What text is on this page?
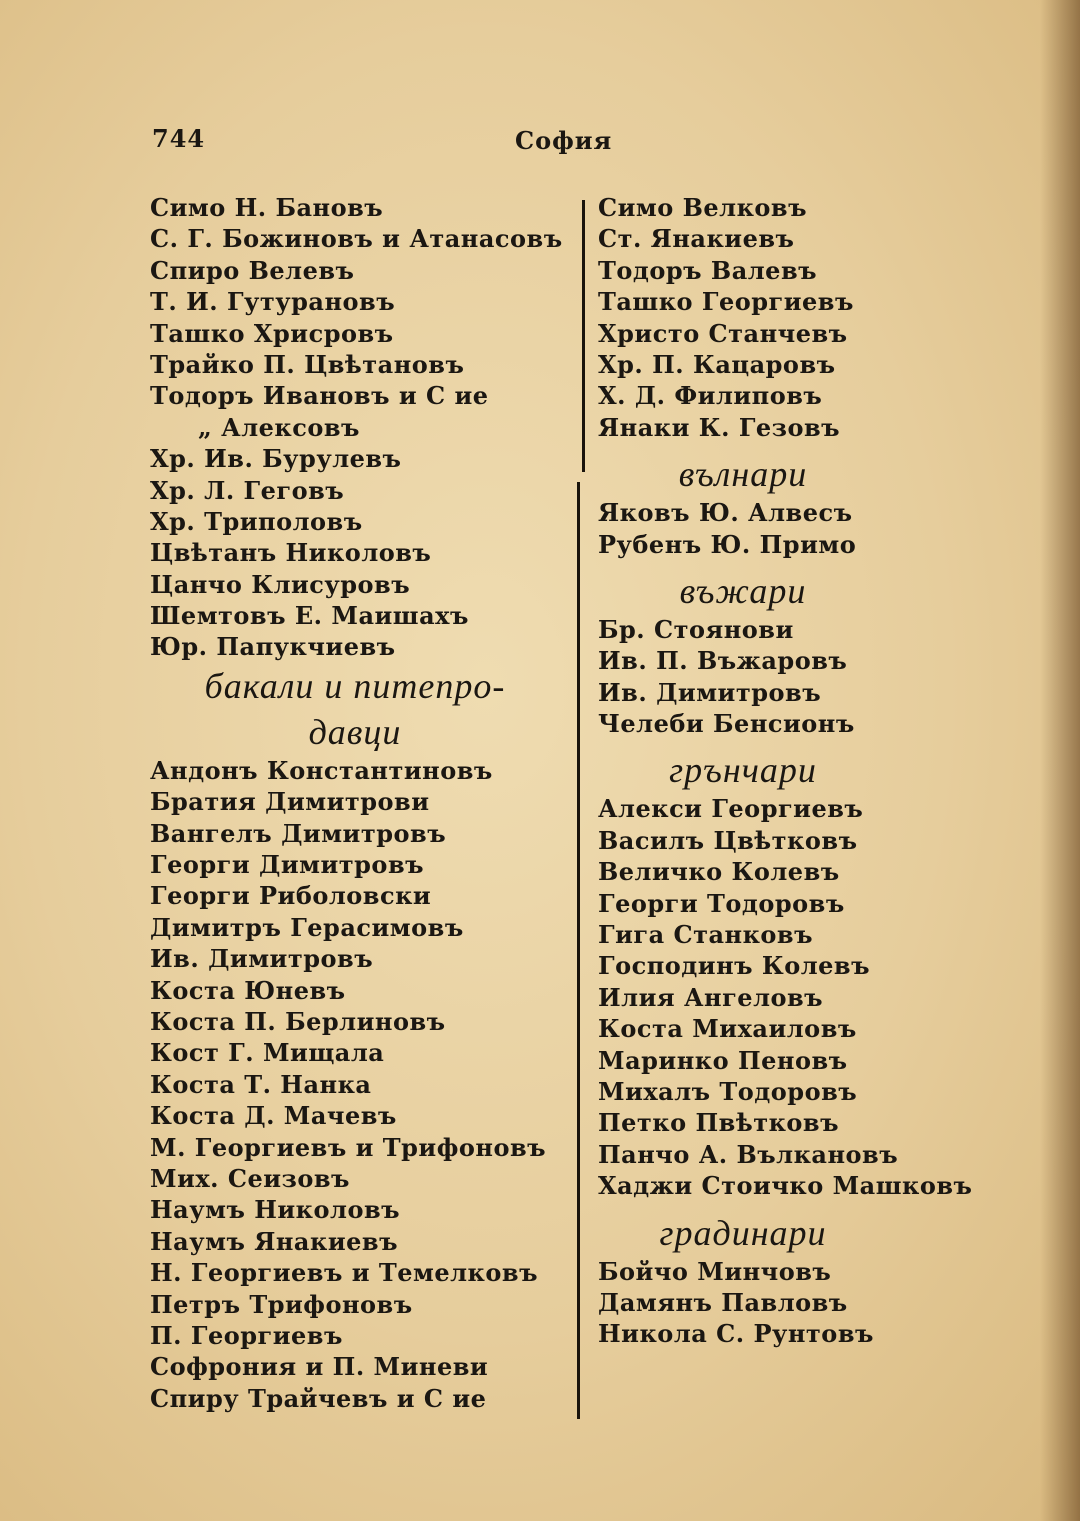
744	София
Симо Н. Бановъ
С. Г. Божиновъ и Атанасовъ
Спиро Велевъ
Т. И. Гутурановъ
Ташко Хрисровъ
Трайко П. Цвѣтановъ
Тодоръ Ивановъ и С ие
„ Алексовъ
Хр. Ив. Бурулевъ
Хр. Л. Геговъ
Хр. Триполовъ
Цвѣтанъ Николовъ
Цанчо Клисуровъ
Шемтовъ Е. Маишахъ
Юр. Папукчиевъ
бакали и питепро-
давци
Андонъ Константиновъ
Братия Димитрови
Вангелъ Димитровъ
Георги Димитровъ
Георги Риболовски
Димитръ Герасимовъ
Ив. Димитровъ
Коста Юневъ
Коста П. Берлиновъ
Кост Г. Мищала
Коста Т. Нанка
Коста Д. Мачевъ
М. Георгиевъ и Трифоновъ
Мих. Сеизовъ
Наумъ Николовъ
Наумъ Янакиевъ
Н. Георгиевъ и Темелковъ
Петръ Трифоновъ
П. Георгиевъ
Софрония и П. Миневи
Спиру Трайчевъ и С ие
Симо Велковъ
Ст. Янакиевъ
Тодоръ Валевъ
Ташко Георгиевъ
Христо Станчевъ
Хр. П. Кацаровъ
Х. Д. Филиповъ
Янаки К. Гезовъ
вълнари
Яковъ Ю. Алвесъ
Рубенъ Ю. Примо
въжари
Бр. Стоянови
Ив. П. Въжаровъ
Ив. Димитровъ
Челеби Бенсионъ
грънчари
Алекси Георгиевъ
Василъ Цвѣтковъ
Величко Колевъ
Георги Тодоровъ
Гига Станковъ
Господинъ Колевъ
Илия Ангеловъ
Коста Михаиловъ
Маринко Пеновъ
Михалъ Тодоровъ
Петко Пвѣтковъ
Панчо А. Вълкановъ
Хаджи Стоичко Машковъ
градинари
Бойчо Минчовъ
Дамянъ Павловъ
Никола С. Рунтовъ
